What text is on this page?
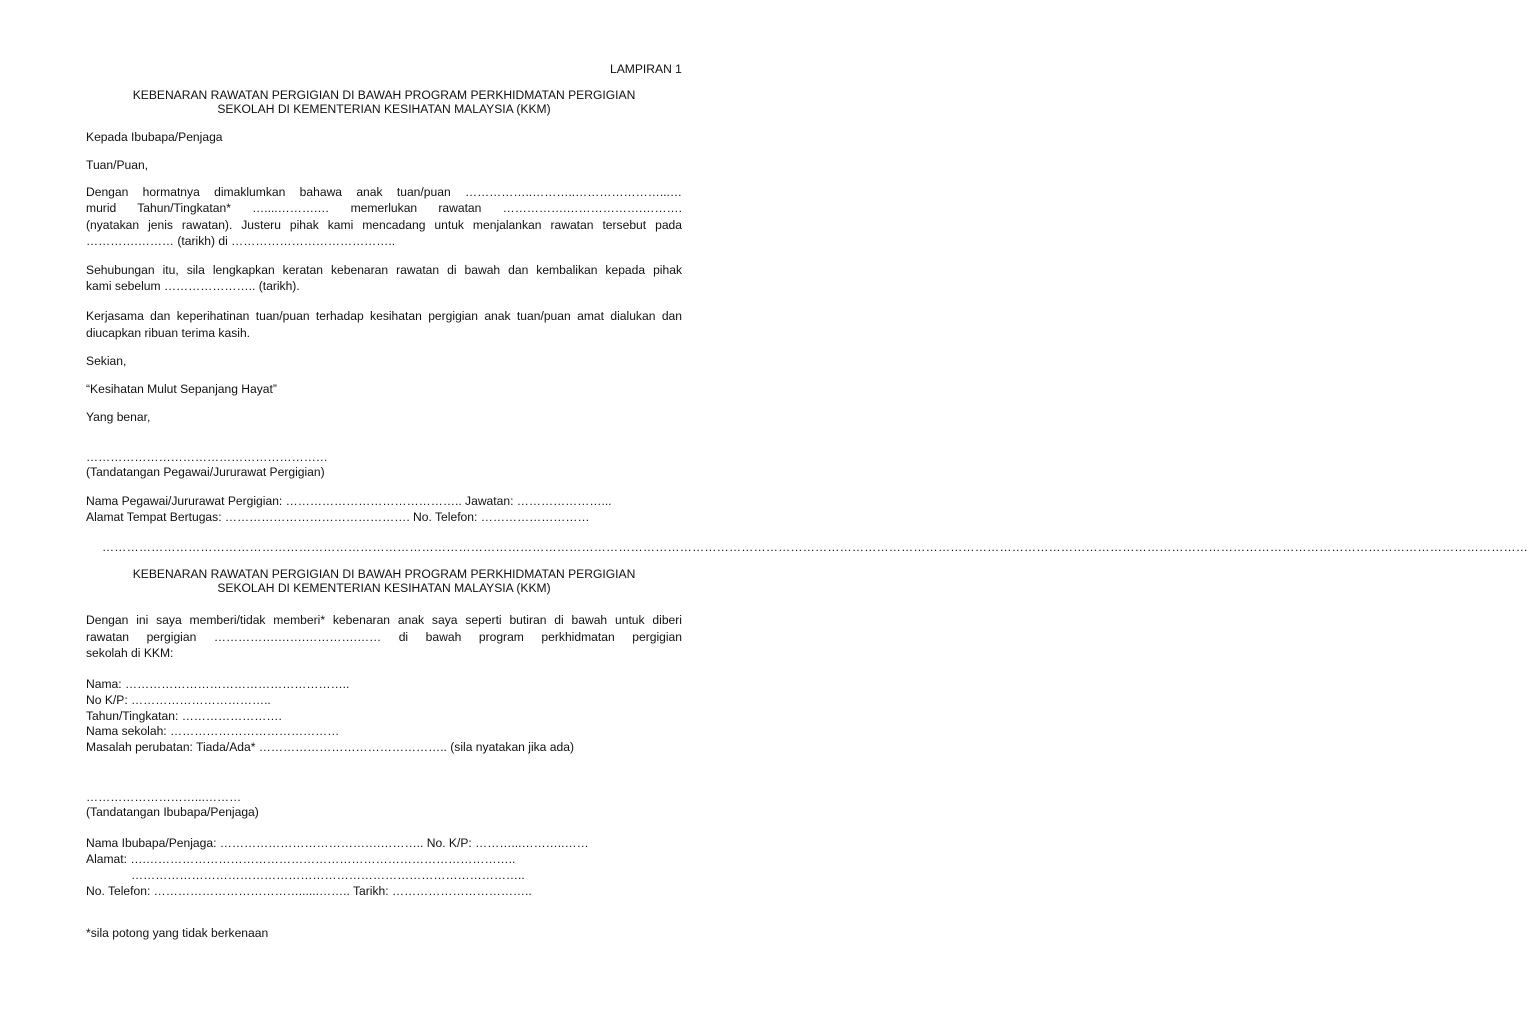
LAMPIRAN 1
KEBENARAN RAWATAN PERGIGIAN DI BAWAH PROGRAM PERKHIDMATAN PERGIGIAN
SEKOLAH DI KEMENTERIAN KESIHATAN MALAYSIA (KKM)
Kepada Ibubapa/Penjaga
Tuan/Puan,
Dengan hormatnya dimaklumkan bahawa anak tuan/puan ……………..………..…………………...…
murid Tahun/Tingkatan* …....……….… memerlukan rawatan …………….……………….……….
(nyatakan jenis rawatan). Justeru pihak kami mencadang untuk menjalankan rawatan tersebut pada
………….……… (tarikh) di …………………………………..
Sehubungan itu, sila lengkapkan keratan kebenaran rawatan di bawah dan kembalikan kepada pihak
kami sebelum ………………….. (tarikh).
Kerjasama dan keperihatinan tuan/puan terhadap kesihatan pergigian anak tuan/puan amat dialukan dan
diucapkan ribuan terima kasih.
Sekian,
“Kesihatan Mulut Sepanjang Hayat”
Yang benar,
……………………………………………………
(Tandatangan Pegawai/Jururawat Pergigian)
Nama Pegawai/Jururawat Pergigian: …………………………………….. Jawatan: …………………...
Alamat Tempat Bertugas: ………………………………………. No. Telefon: ………………………
……………………………………………………………………………………………………………………………………………………………………………………………………………………………………………………………………………………………………………………
KEBENARAN RAWATAN PERGIGIAN DI BAWAH PROGRAM PERKHIDMATAN PERGIGIAN
SEKOLAH DI KEMENTERIAN KESIHATAN MALAYSIA (KKM)
Dengan ini saya memberi/tidak memberi* kebenaran anak saya seperti butiran di bawah untuk diberi
rawatan pergigian …………….…….………….…… di bawah program perkhidmatan pergigian
sekolah di KKM:
Nama: ………………………………………………..
No K/P: ……………………………..
Tahun/Tingkatan: …………………….
Nama sekolah: ……………………………………
Masalah perubatan: Tiada/Ada* ……………………………………….. (sila nyatakan jika ada)
………………………...………
(Tandatangan Ibubapa/Penjaga)
Nama Ibubapa/Penjaga: ………………………………….……….. No. K/P: ………...………..……
Alamat: ….………………………………………………………………………………..
……………………………………………………………………………………..
No. Telefon: ………………………………......…….. Tarikh: ……………………………..
*sila potong yang tidak berkenaan
